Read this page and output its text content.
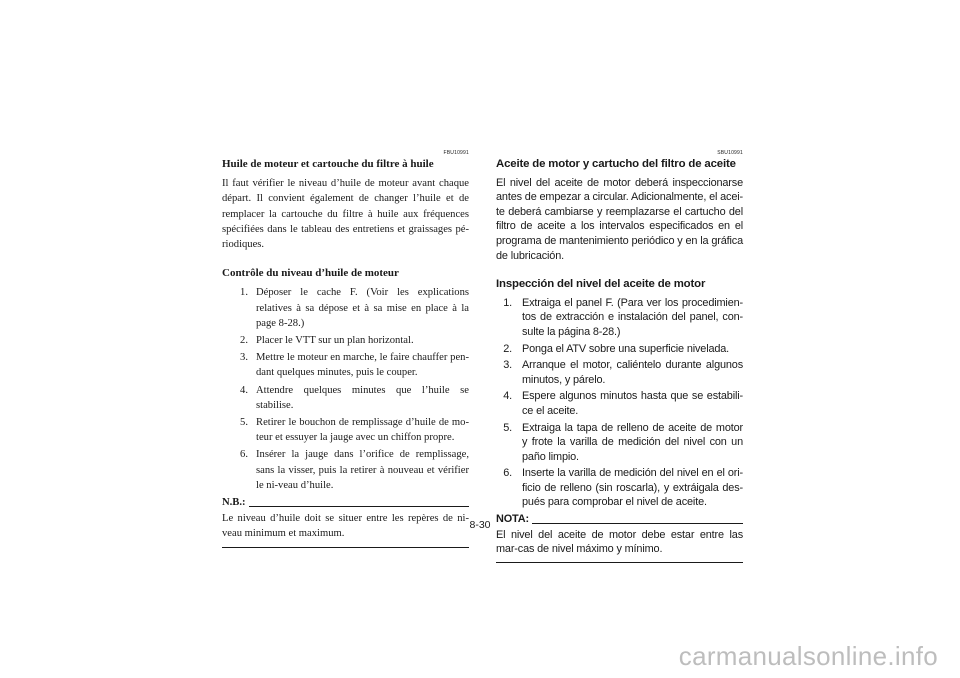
FBU10991

Huile de moteur et cartouche du filtre à huile

Il faut vérifier le niveau d’huile de moteur avant chaque départ. Il convient également de changer l’huile et de remplacer la cartouche du filtre à huile aux fréquences spécifiées dans le tableau des entretiens et graissages pé-riodiques.

Contrôle du niveau d’huile de moteur

1. Déposer le cache F. (Voir les explications relatives à sa dépose et à sa mise en place à la page 8-28.)
2. Placer le VTT sur un plan horizontal.
3. Mettre le moteur en marche, le faire chauffer pen-dant quelques minutes, puis le couper.
4. Attendre quelques minutes que l’huile se stabilise.
5. Retirer le bouchon de remplissage d’huile de mo-teur et essuyer la jauge avec un chiffon propre.
6. Insérer la jauge dans l’orifice de remplissage, sans la visser, puis la retirer à nouveau et vérifier le ni-veau d’huile.
N.B.:

Le niveau d’huile doit se situer entre les repères de ni-veau minimum et maximum.

SBU10991

Aceite de motor y cartucho del filtro de aceite

El nivel del aceite de motor deberá inspeccionarse antes de empezar a circular. Adicionalmente, el acei-te deberá cambiarse y reemplazarse el cartucho del filtro de aceite a los intervalos especificados en el programa de mantenimiento periódico y en la gráfica de lubricación.

Inspección del nivel del aceite de motor

1. Extraiga el panel F. (Para ver los procedimien-tos de extracción e instalación del panel, con-sulte la página 8-28.)
2. Ponga el ATV sobre una superficie nivelada.
3. Arranque el motor, caliéntelo durante algunos minutos, y párelo.
4. Espere algunos minutos hasta que se estabili-ce el aceite.
5. Extraiga la tapa de relleno de aceite de motor y frote la varilla de medición del nivel con un paño limpio.
6. Inserte la varilla de medición del nivel en el ori-ficio de relleno (sin roscarla), y extráigala des-pués para comprobar el nivel de aceite.
NOTA:

El nivel del aceite de motor debe estar entre las mar-cas de nivel máximo y mínimo.

8-30
carmanualsonline.info
